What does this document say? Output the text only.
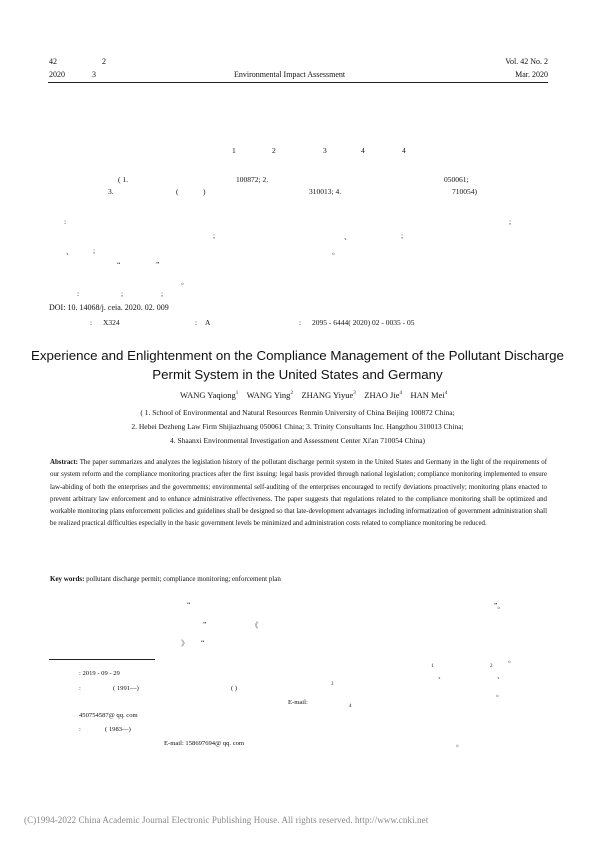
42	2
2020	3	Environmental Impact Assessment
Vol. 42 No. 2
Mar. 2020
1	2	3	4	4
( 1.	100872; 2.	050061;
3.	(	)	310013; 4.	710054)
:	;
;	、	;
、	;	。
“	”
。
:	;	;
DOI: 10. 14068/j. ceia. 2020. 02. 009
: X324	: A	: 2095 - 6444( 2020) 02 - 0035 - 05
Experience and Enlightenment on the Compliance Management of the Pollutant Discharge Permit System in the United States and Germany
WANG Yaqiong$^1$ WANG Ying$^2$ ZHANG Yiyue$^3$ ZHAO Jie$^4$ HAN Mei$^4$
( 1. School of Environmental and Natural Resources Renmin University of China Beijing 100872 China;
2. Hebei Dezheng Law Firm Shijiazhuang 050061 China; 3. Trinity Consultants Inc. Hangzhou 310013 China;
4. Shaanxi Environmental Investigation and Assessment Center Xi'an 710054 China)
Abstract: The paper summarizes and analyzes the legislation history of the pollutant discharge permit system in the United States and Germany in the light of the requirements of our system reform and the compliance monitoring practices after the first issuing: legal basis provided through national legislation; compliance monitoring implemented to ensure law-abiding of both the enterprises and the governments; environmental self-auditing of the enterprises encouraged to rectify deviations proactively; monitoring plans enacted to prevent arbitrary law enforcement and to enhance administrative effectiveness. The paper suggests that regulations related to the compliance monitoring shall be optimized and workable monitoring plans enforcement policies and guidelines shall be designed so that late-development advantages including informatization of government administration shall be realized practical difficulties especially in the basic government levels be minimized and administration costs related to compliance monitoring be reduced.
Key words: pollutant discharge permit; compliance monitoring; enforcement plan
“	”。
”	《
》 “
。
1
、
2
、
。
。
: 2019 - 09 - 29
:	( 1991—)	( )
3
E-mail:
4
450754587@ qq. com
:	( 1983—)
E-mail: 158697694@ qq. com
(C)1994-2022 China Academic Journal Electronic Publishing House. All rights reserved. http://www.cnki.net
